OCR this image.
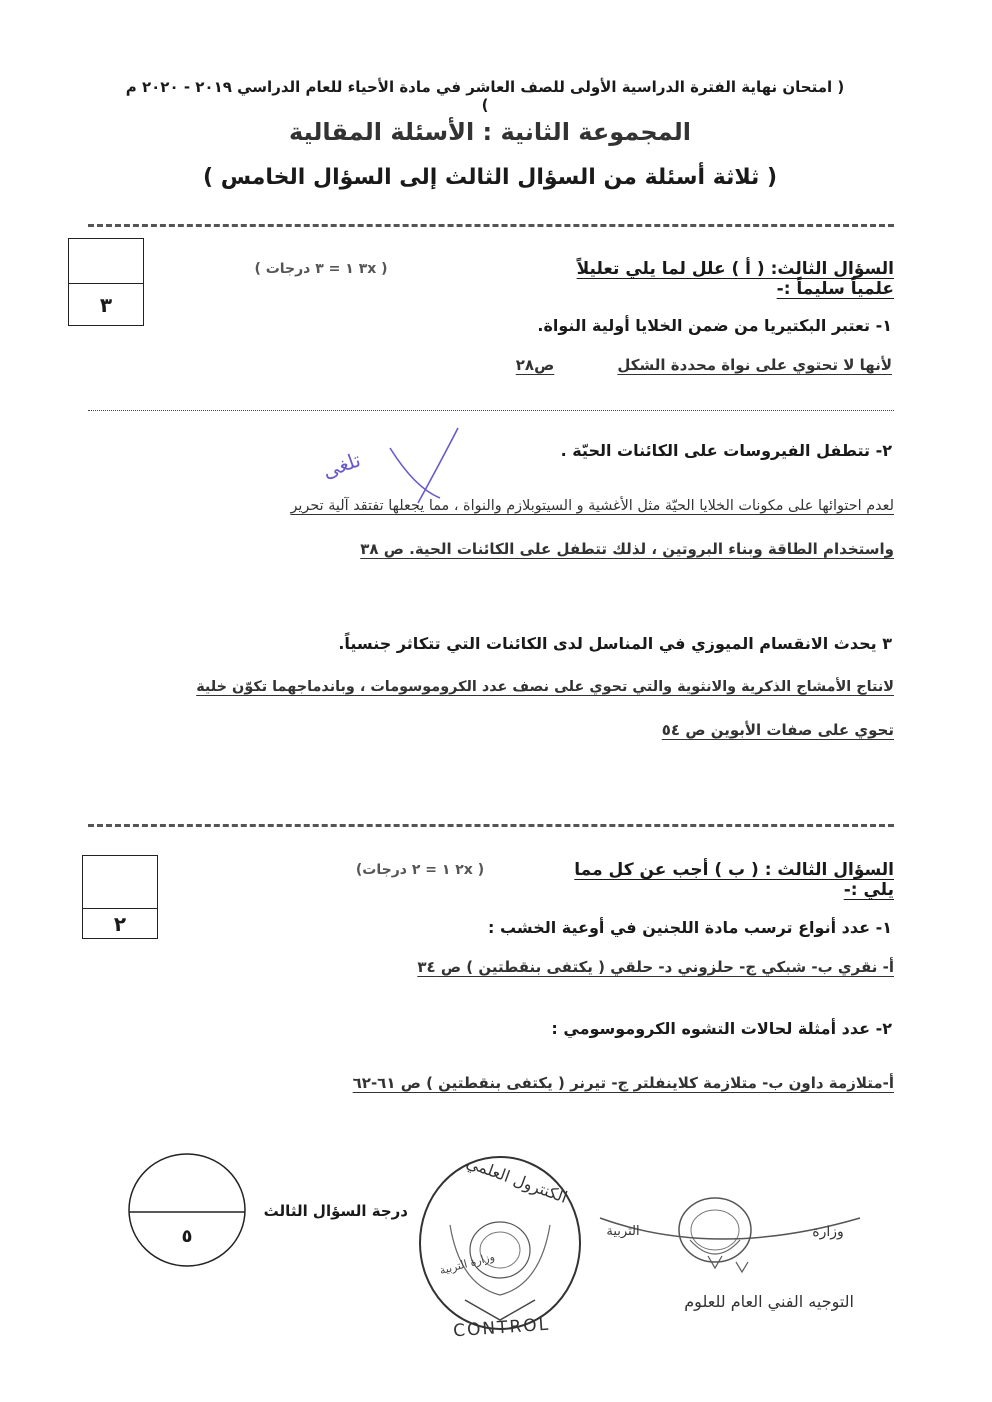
( امتحان نهاية الفترة الدراسية الأولى للصف العاشر في مادة الأحياء للعام الدراسي ٢٠١٩ - ٢٠٢٠ م )
المجموعة الثانية : الأسئلة المقالية
( ثلاثة أسئلة من السؤال الثالث إلى السؤال الخامس )
٣
السؤال الثالث: ( أ ) علل لما يلي تعليلاً علمياً سليماً :-
( ٣x ١ = ٣ درجات )
١- تعتبر البكتيريا من ضمن الخلايا أولية النواة.
لأنها لا تحتوي على نواة محددة الشكل
ص٢٨
٢- تتطفل الفيروسات على الكائنات الحيّة .
تلغى
لعدم احتوائها على مكونات الخلايا الحيّة مثل الأغشية و السيتوبلازم والنواة ، مما يجعلها تفتقد آلية تحرير
واستخدام الطاقة وبناء البروتين ، لذلك تتطفل على الكائنات الحية. ص ٣٨
٣ يحدث الانقسام الميوزي في المناسل لدى الكائنات التي تتكاثر جنسياً.
لانتاج الأمشاج الذكرية والانثوية والتي تحوي على نصف عدد الكروموسومات ، وباندماجهما تكوّن خلية
تحوي على صفات الأبوين ص ٥٤
٢
السؤال الثالث : ( ب ) أجب عن كل مما يلي :-
( ٢x ١ = ٢ درجات)
١- عدد أنواع ترسب مادة اللجنين في أوعية الخشب :
أ- نقري ب- شبكي ج- حلزوني د- حلقي ( يكتفى بنقطتين ) ص ٣٤
٢- عدد أمثلة لحالات التشوه الكروموسومي :
أ-متلازمة داون ب- متلازمة كلاينفلتر ج- تيرنر ( يكتفى بنقطتين ) ص ٦١-٦٢
٥
درجة السؤال الثالث
الكنترول العلمي
وزارة التربية
CONTROL
التربية	وزارة
التوجيه الفني العام للعلوم
